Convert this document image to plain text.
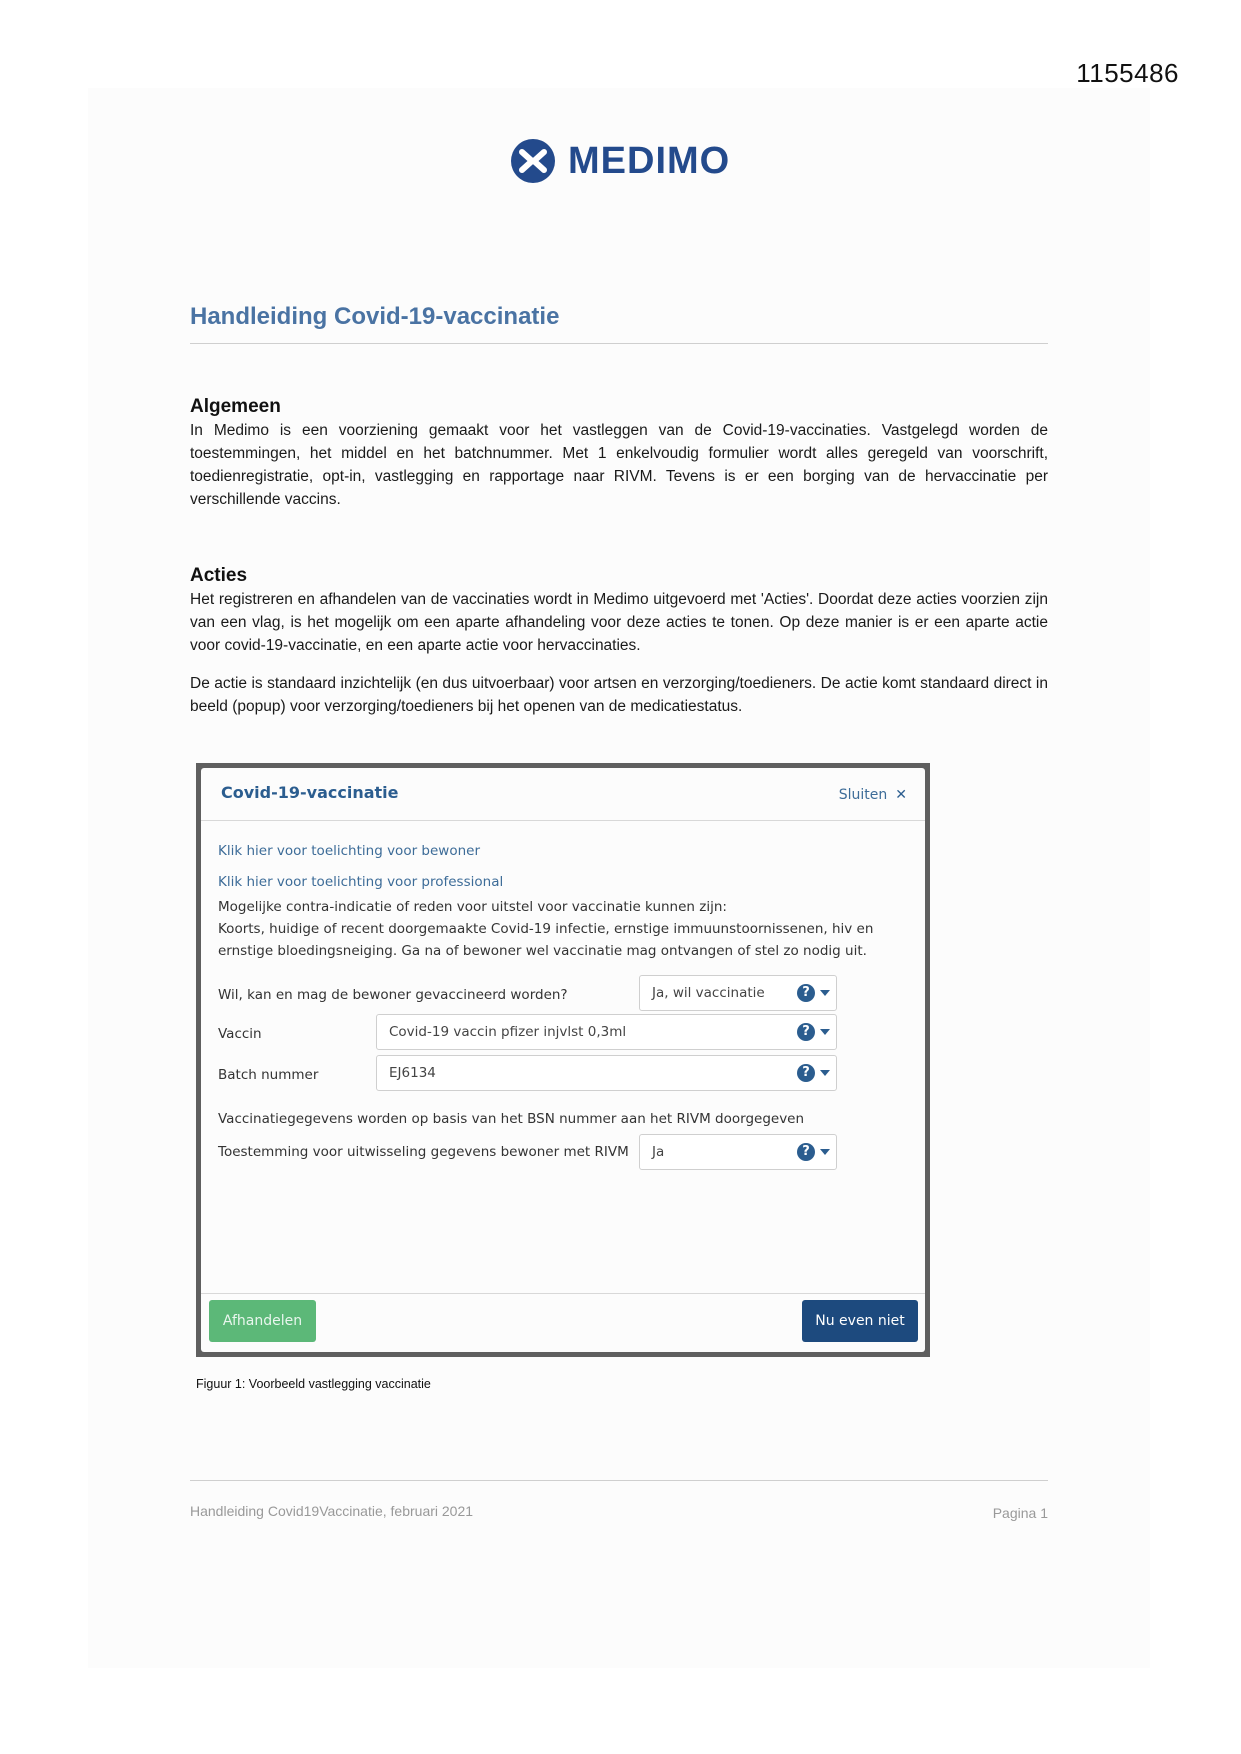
1155486
MEDIMO
Handleiding Covid-19-vaccinatie
Algemeen
In Medimo is een voorziening gemaakt voor het vastleggen van de Covid-19-vaccinaties. Vastgelegd worden de toestemmingen, het middel en het batchnummer. Met 1 enkelvoudig formulier wordt alles geregeld van voorschrift, toedienregistratie, opt-in, vastlegging en rapportage naar RIVM. Tevens is er een borging van de hervaccinatie per verschillende vaccins.
Acties
Het registreren en afhandelen van de vaccinaties wordt in Medimo uitgevoerd met 'Acties'. Doordat deze acties voorzien zijn van een vlag, is het mogelijk om een aparte afhandeling voor deze acties te tonen. Op deze manier is er een aparte actie voor covid-19-vaccinatie, en een aparte actie voor hervaccinaties.
De actie is standaard inzichtelijk (en dus uitvoerbaar) voor artsen en verzorging/toedieners. De actie komt standaard direct in beeld (popup) voor verzorging/toedieners bij het openen van de medicatiestatus.
Covid-19-vaccinatie	Sluiten ✕
Klik hier voor toelichting voor bewoner
Klik hier voor toelichting voor professional
Mogelijke contra-indicatie of reden voor uitstel voor vaccinatie kunnen zijn:
Koorts, huidige of recent doorgemaakte Covid-19 infectie, ernstige immuunstoornissenen, hiv en ernstige bloedingsneiging. Ga na of bewoner wel vaccinatie mag ontvangen of stel zo nodig uit.
Wil, kan en mag de bewoner gevaccineerd worden?	Ja, wil vaccinatie	?
Vaccin	Covid-19 vaccin pfizer injvlst 0,3ml	?
Batch nummer	EJ6134	?
Vaccinatiegegevens worden op basis van het BSN nummer aan het RIVM doorgegeven
Toestemming voor uitwisseling gegevens bewoner met RIVM Ja	?
Afhandelen	Nu even niet
Figuur 1: Voorbeeld vastlegging vaccinatie
Handleiding Covid19Vaccinatie, februari 2021	Pagina 1
